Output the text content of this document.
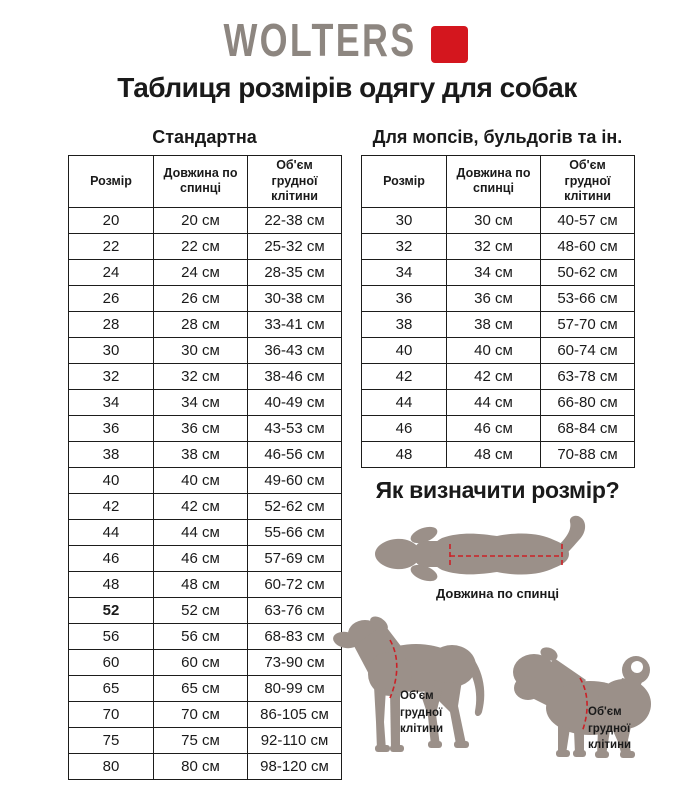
WOLTERS
Таблиця розмірів одягу для собак
Стандартна
Розмір	Довжина по спинці	Об'єм грудної клітини
20	20 см	22-38 см
22	22 см	25-32 см
24	24 см	28-35 см
26	26 см	30-38 см
28	28 см	33-41 см
30	30 см	36-43 см
32	32 см	38-46 см
34	34 см	40-49 см
36	36 см	43-53 см
38	38 см	46-56 см
40	40 см	49-60 см
42	42 см	52-62 см
44	44 см	55-66 см
46	46 см	57-69 см
48	48 см	60-72 см
52	52 см	63-76 см
56	56 см	68-83 см
60	60 см	73-90 см
65	65 см	80-99 см
70	70 см	86-105 см
75	75 см	92-110 см
80	80 см	98-120 см
Для мопсів, бульдогів та ін.
Розмір	Довжина по спинці	Об'єм грудної клітини
30	30 см	40-57 см
32	32 см	48-60 см
34	34 см	50-62 см
36	36 см	53-66 см
38	38 см	57-70 см
40	40 см	60-74 см
42	42 см	63-78 см
44	44 см	66-80 см
46	46 см	68-84 см
48	48 см	70-88 см
Як визначити розмір?
Довжина по спинці
Об'єм
грудної
клітини
Об'єм
грудної
клітини
